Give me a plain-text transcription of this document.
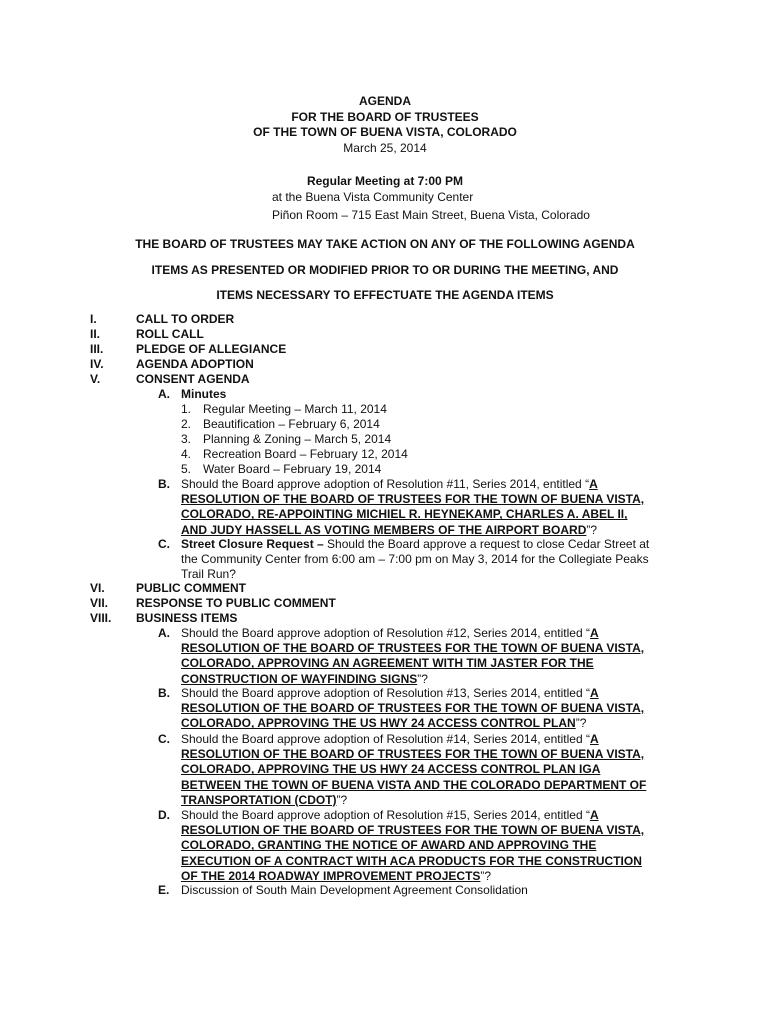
AGENDA
FOR THE BOARD OF TRUSTEES
OF THE TOWN OF BUENA VISTA, COLORADO
March 25, 2014
Regular Meeting at 7:00 PM
at the Buena Vista Community Center
Piñon Room – 715 East Main Street, Buena Vista, Colorado
THE BOARD OF TRUSTEES MAY TAKE ACTION ON ANY OF THE FOLLOWING AGENDA
ITEMS AS PRESENTED OR MODIFIED PRIOR TO OR DURING THE MEETING, AND
ITEMS NECESSARY TO EFFECTUATE THE AGENDA ITEMS
I.	CALL TO ORDER
II.	ROLL CALL
III.	PLEDGE OF ALLEGIANCE
IV.	AGENDA ADOPTION
V.	CONSENT AGENDA
A. Minutes
1. Regular Meeting – March 11, 2014
2. Beautification – February 6, 2014
3. Planning & Zoning – March 5, 2014
4. Recreation Board – February 12, 2014
5. Water Board – February 19, 2014
B. Should the Board approve adoption of Resolution #11, Series 2014, entitled “A
RESOLUTION OF THE BOARD OF TRUSTEES FOR THE TOWN OF BUENA VISTA,
COLORADO, RE-APPOINTING MICHIEL R. HEYNEKAMP, CHARLES A. ABEL II,
AND JUDY HASSELL AS VOTING MEMBERS OF THE AIRPORT BOARD”?
C. Street Closure Request – Should the Board approve a request to close Cedar Street at
the Community Center from 6:00 am – 7:00 pm on May 3, 2014 for the Collegiate Peaks
Trail Run?
VI.	PUBLIC COMMENT
VII. RESPONSE TO PUBLIC COMMENT
VIII. BUSINESS ITEMS
A. Should the Board approve adoption of Resolution #12, Series 2014, entitled “A
RESOLUTION OF THE BOARD OF TRUSTEES FOR THE TOWN OF BUENA VISTA,
COLORADO, APPROVING AN AGREEMENT WITH TIM JASTER FOR THE
CONSTRUCTION OF WAYFINDING SIGNS”?
B. Should the Board approve adoption of Resolution #13, Series 2014, entitled “A
RESOLUTION OF THE BOARD OF TRUSTEES FOR THE TOWN OF BUENA VISTA,
COLORADO, APPROVING THE US HWY 24 ACCESS CONTROL PLAN”?
C. Should the Board approve adoption of Resolution #14, Series 2014, entitled “A
RESOLUTION OF THE BOARD OF TRUSTEES FOR THE TOWN OF BUENA VISTA,
COLORADO, APPROVING THE US HWY 24 ACCESS CONTROL PLAN IGA
BETWEEN THE TOWN OF BUENA VISTA AND THE COLORADO DEPARTMENT OF
TRANSPORTATION (CDOT)”?
D. Should the Board approve adoption of Resolution #15, Series 2014, entitled “A
RESOLUTION OF THE BOARD OF TRUSTEES FOR THE TOWN OF BUENA VISTA,
COLORADO, GRANTING THE NOTICE OF AWARD AND APPROVING THE
EXECUTION OF A CONTRACT WITH ACA PRODUCTS FOR THE CONSTRUCTION
OF THE 2014 ROADWAY IMPROVEMENT PROJECTS”?
E. Discussion of South Main Development Agreement Consolidation
